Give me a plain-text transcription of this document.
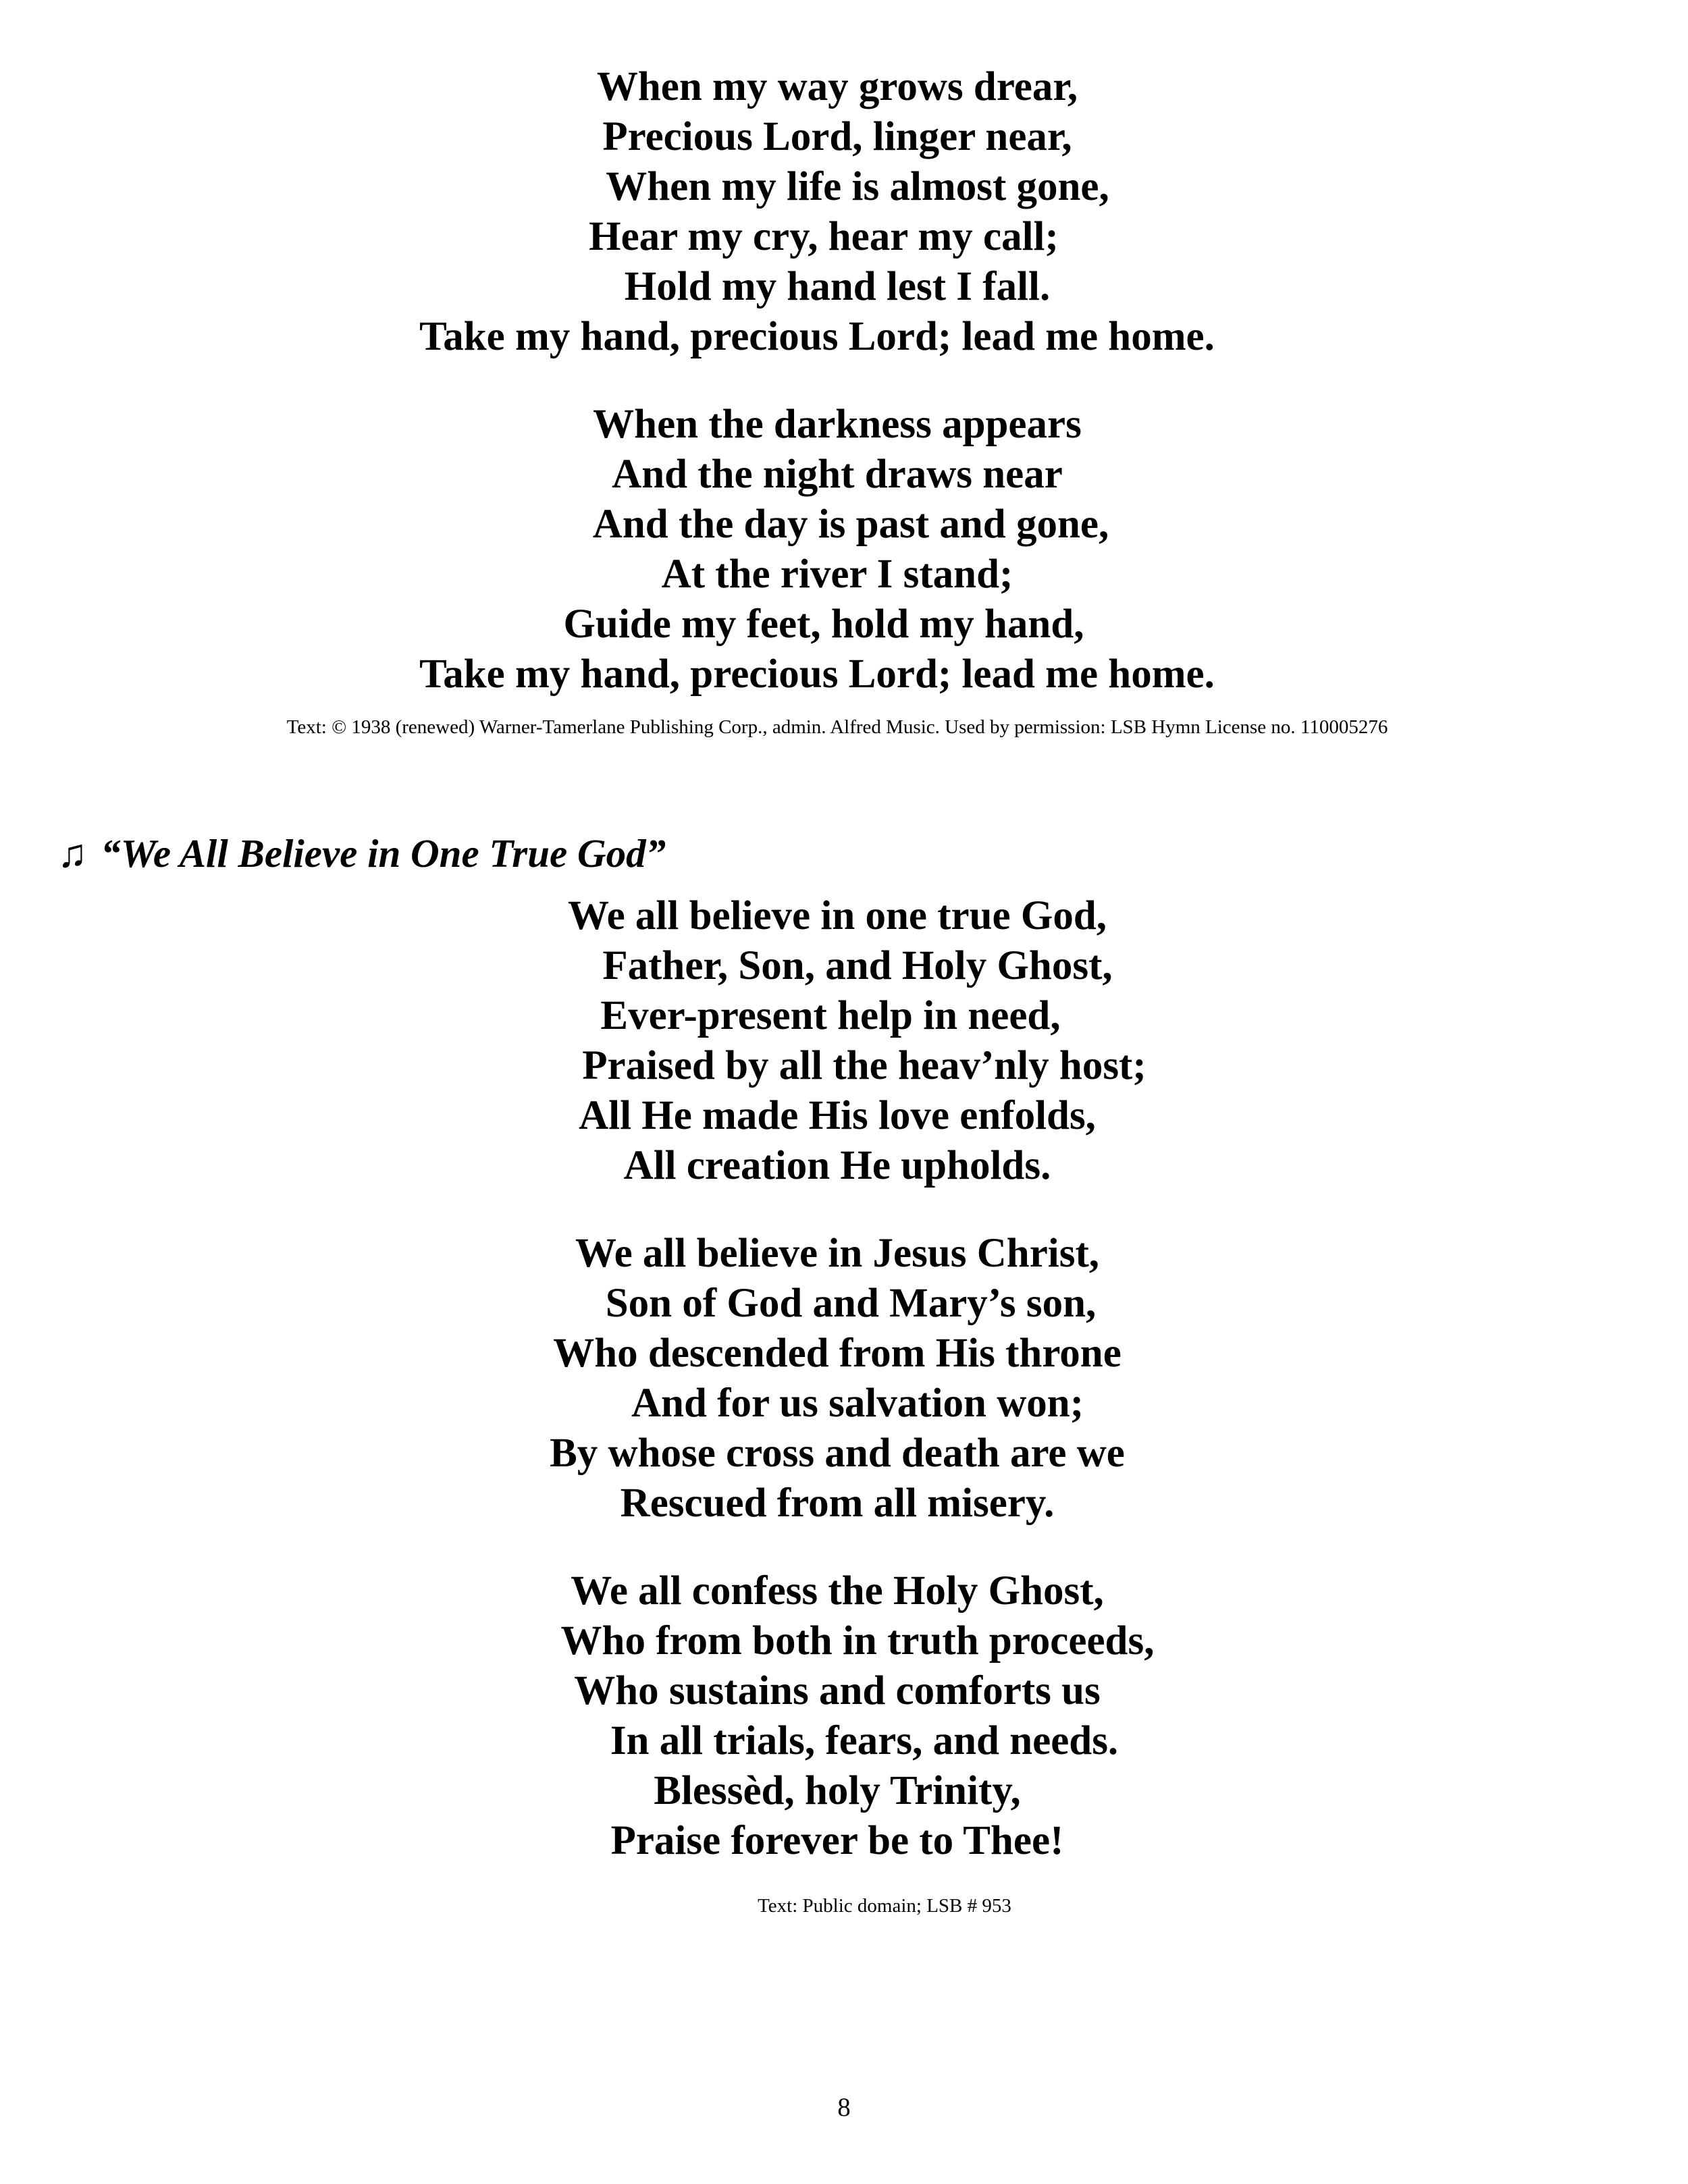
When my way grows drear,
Precious Lord, linger near,
When my life is almost gone,
Hear my cry, hear my call;
Hold my hand lest I fall.
Take my hand, precious Lord; lead me home.
When the darkness appears
And the night draws near
And the day is past and gone,
At the river I stand;
Guide my feet, hold my hand,
Take my hand, precious Lord; lead me home.
Text: © 1938 (renewed) Warner-Tamerlane Publishing Corp., admin. Alfred Music. Used by permission: LSB Hymn License no. 110005276
♫ “We All Believe in One True God”
We all believe in one true God,
Father, Son, and Holy Ghost,
Ever-present help in need,
Praised by all the heav’nly host;
All He made His love enfolds,
All creation He upholds.
We all believe in Jesus Christ,
Son of God and Mary’s son,
Who descended from His throne
And for us salvation won;
By whose cross and death are we
Rescued from all misery.
We all confess the Holy Ghost,
Who from both in truth proceeds,
Who sustains and comforts us
In all trials, fears, and needs.
Blessèd, holy Trinity,
Praise forever be to Thee!
Text: Public domain; LSB # 953
8
